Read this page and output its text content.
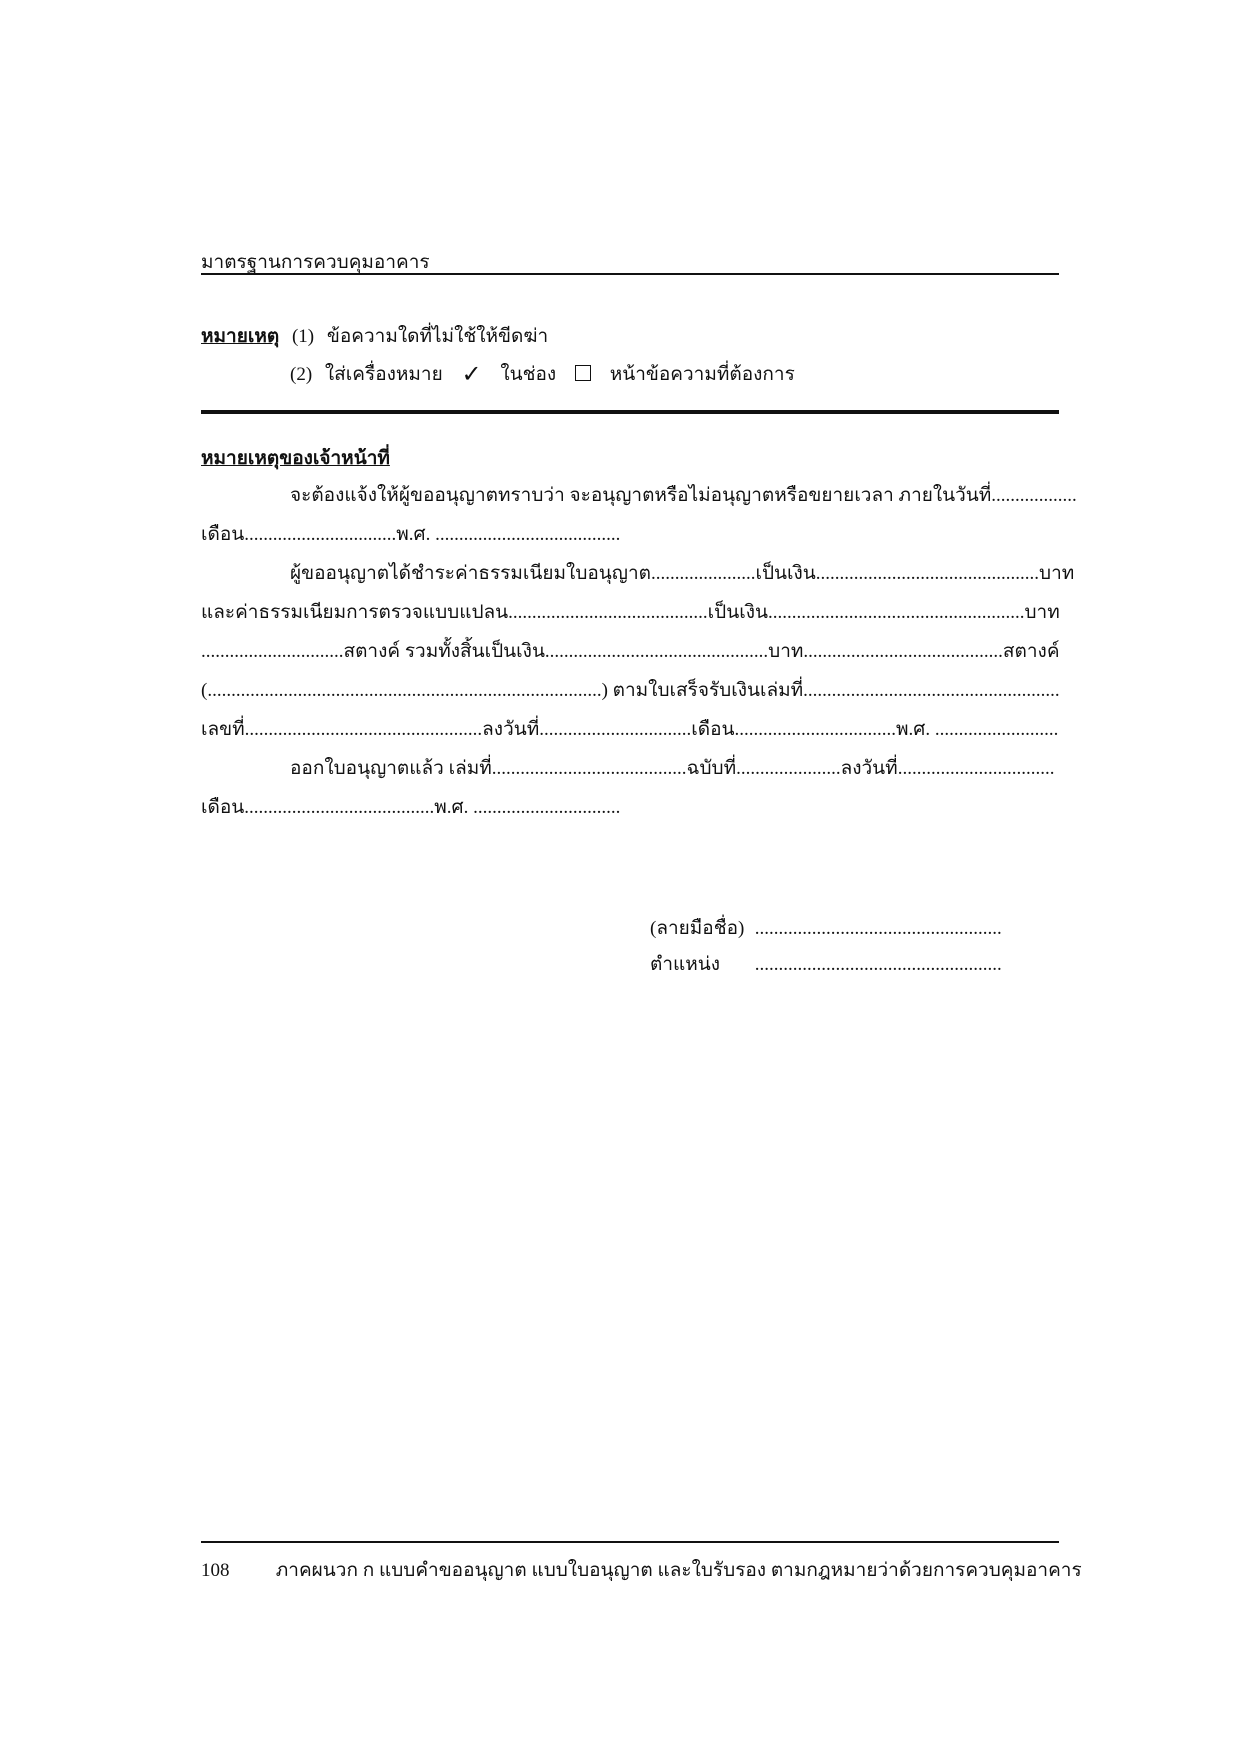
มาตรฐานการควบคุมอาคาร
หมายเหตุ (1) ข้อความใดที่ไม่ใช้ให้ขีดฆ่า
(2) ใส่เครื่องหมาย ✓ ในช่อง	หน้าข้อความที่ต้องการ
หมายเหตุของเจ้าหน้าที่
จะต้องแจ้งให้ผู้ขออนุญาตทราบว่า จะอนุญาตหรือไม่อนุญาตหรือขยายเวลา ภายในวันที่..................
เดือน................................พ.ศ. .......................................
ผู้ขออนุญาตได้ชำระค่าธรรมเนียมใบอนุญาต......................เป็นเงิน...............................................บาท
และค่าธรรมเนียมการตรวจแบบแปลน..........................................เป็นเงิน......................................................บาท
..............................สตางค์ รวมทั้งสิ้นเป็นเงิน...............................................บาท..........................................สตางค์
(...................................................................................) ตามใบเสร็จรับเงินเล่มที่......................................................
เลขที่..................................................ลงวันที่................................เดือน..................................พ.ศ. ..........................
ออกใบอนุญาตแล้ว เล่มที่.........................................ฉบับที่......................ลงวันที่.................................
เดือน........................................พ.ศ. ...............................
(ลายมือชื่อ) ....................................................
ตำแหน่ง ....................................................
108 ภาคผนวก ก แบบคำขออนุญาต แบบใบอนุญาต และใบรับรอง ตามกฎหมายว่าด้วยการควบคุมอาคาร
